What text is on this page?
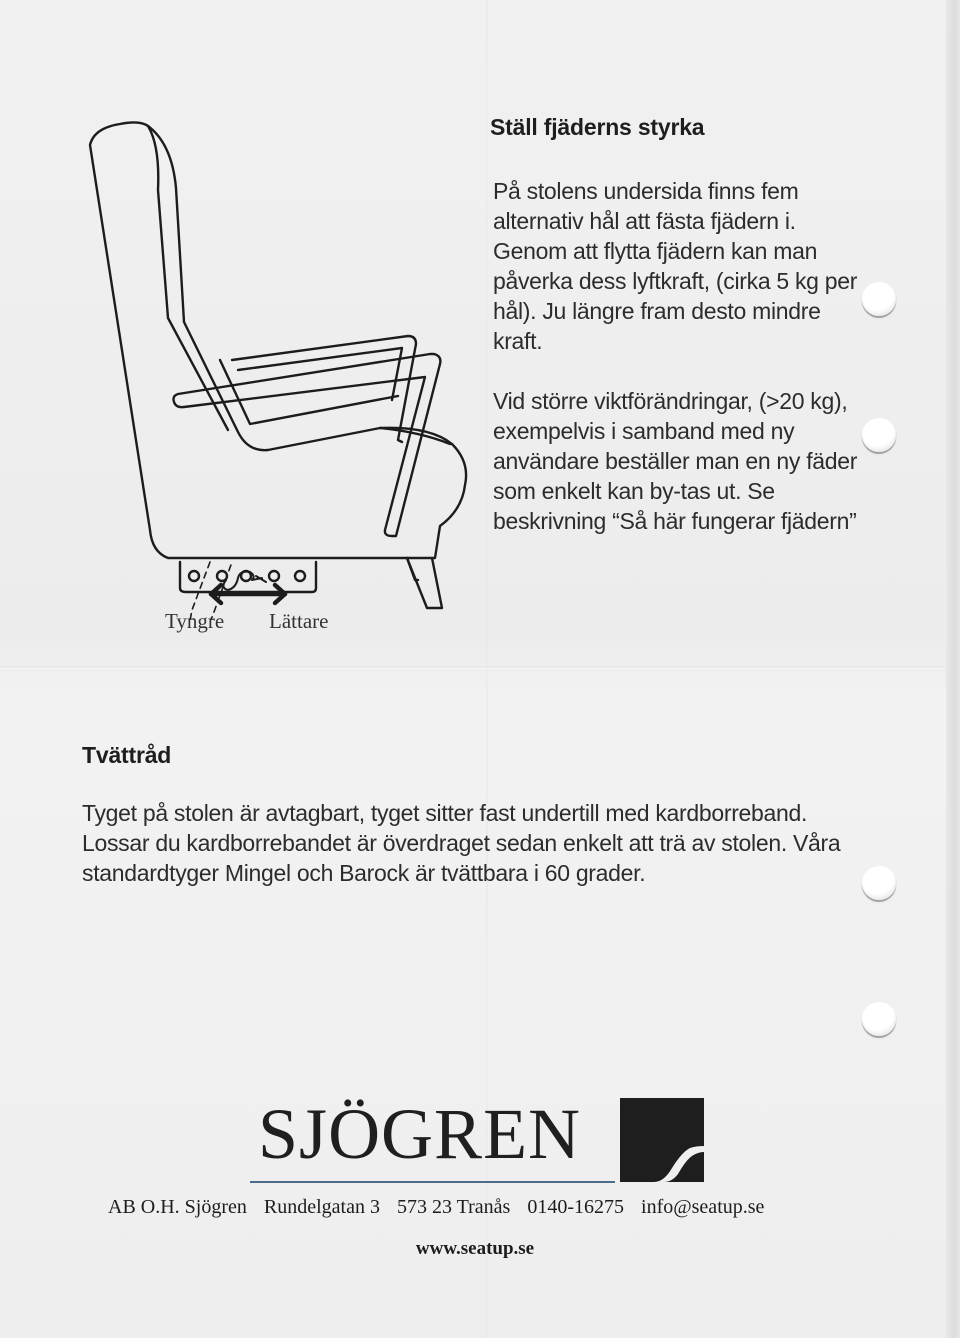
Tyngre Lättare
Ställ fjäderns styrka

På stolens undersida finns fem alternativ hål att fästa fjädern i. Genom att flytta fjädern kan man påverka dess lyftkraft, (cirka 5 kg per hål). Ju längre fram desto mindre kraft.

Vid större viktförändringar, (>20 kg), exempelvis i samband med ny användare beställer man en ny fäder som enkelt kan by-tas ut. Se beskrivning “Så här fungerar fjädern”

Tvättråd

Tyget på stolen är avtagbart, tyget sitter fast undertill med kardborreband. Lossar du kardborrebandet är överdraget sedan enkelt att trä av stolen. Våra standardtyger Mingel och Barock är tvättbara i 60 grader.

SJÖGREN
AB O.H. Sjögren Rundelgatan 3 573 23 Tranås 0140-16275 info@seatup.se
www.seatup.se
